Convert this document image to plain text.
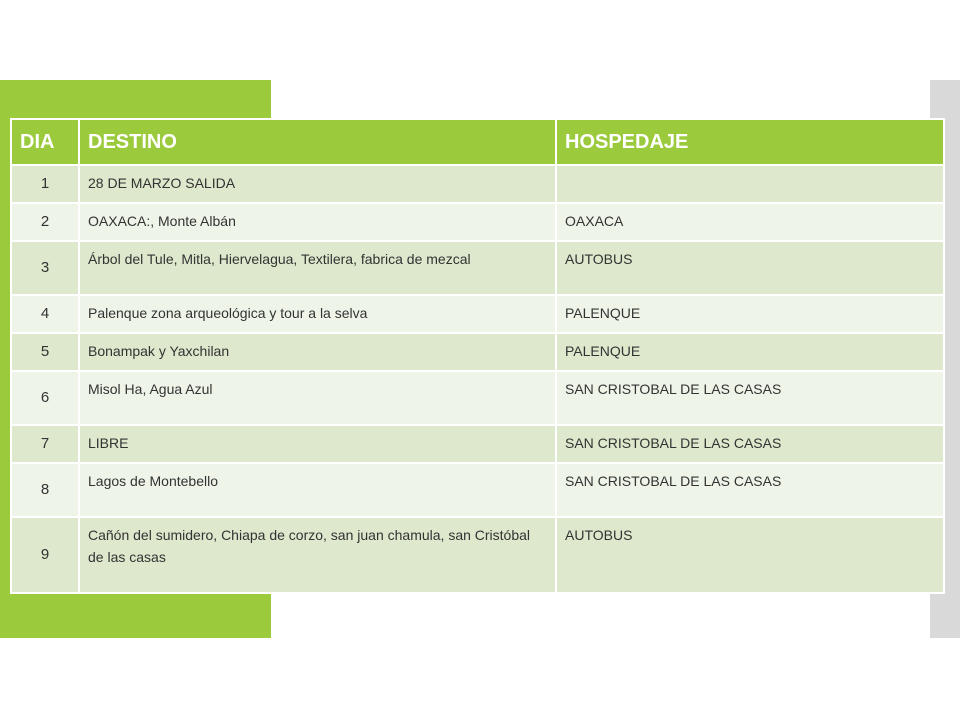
DIA	DESTINO	HOSPEDAJE
1	28 DE MARZO SALIDA	
2	OAXACA:, Monte Albán	OAXACA
3	Árbol del Tule, Mitla, Hiervelagua, Textilera, fabrica de mezcal	AUTOBUS
4	Palenque zona arqueológica y tour a la selva	PALENQUE
5	Bonampak y Yaxchilan	PALENQUE
6	Misol Ha, Agua Azul	SAN CRISTOBAL DE LAS CASAS
7	LIBRE	SAN CRISTOBAL DE LAS CASAS
8	Lagos de Montebello	SAN CRISTOBAL DE LAS CASAS
9	Cañón del sumidero, Chiapa de corzo, san juan chamula, san Cristóbal de las casas	AUTOBUS
